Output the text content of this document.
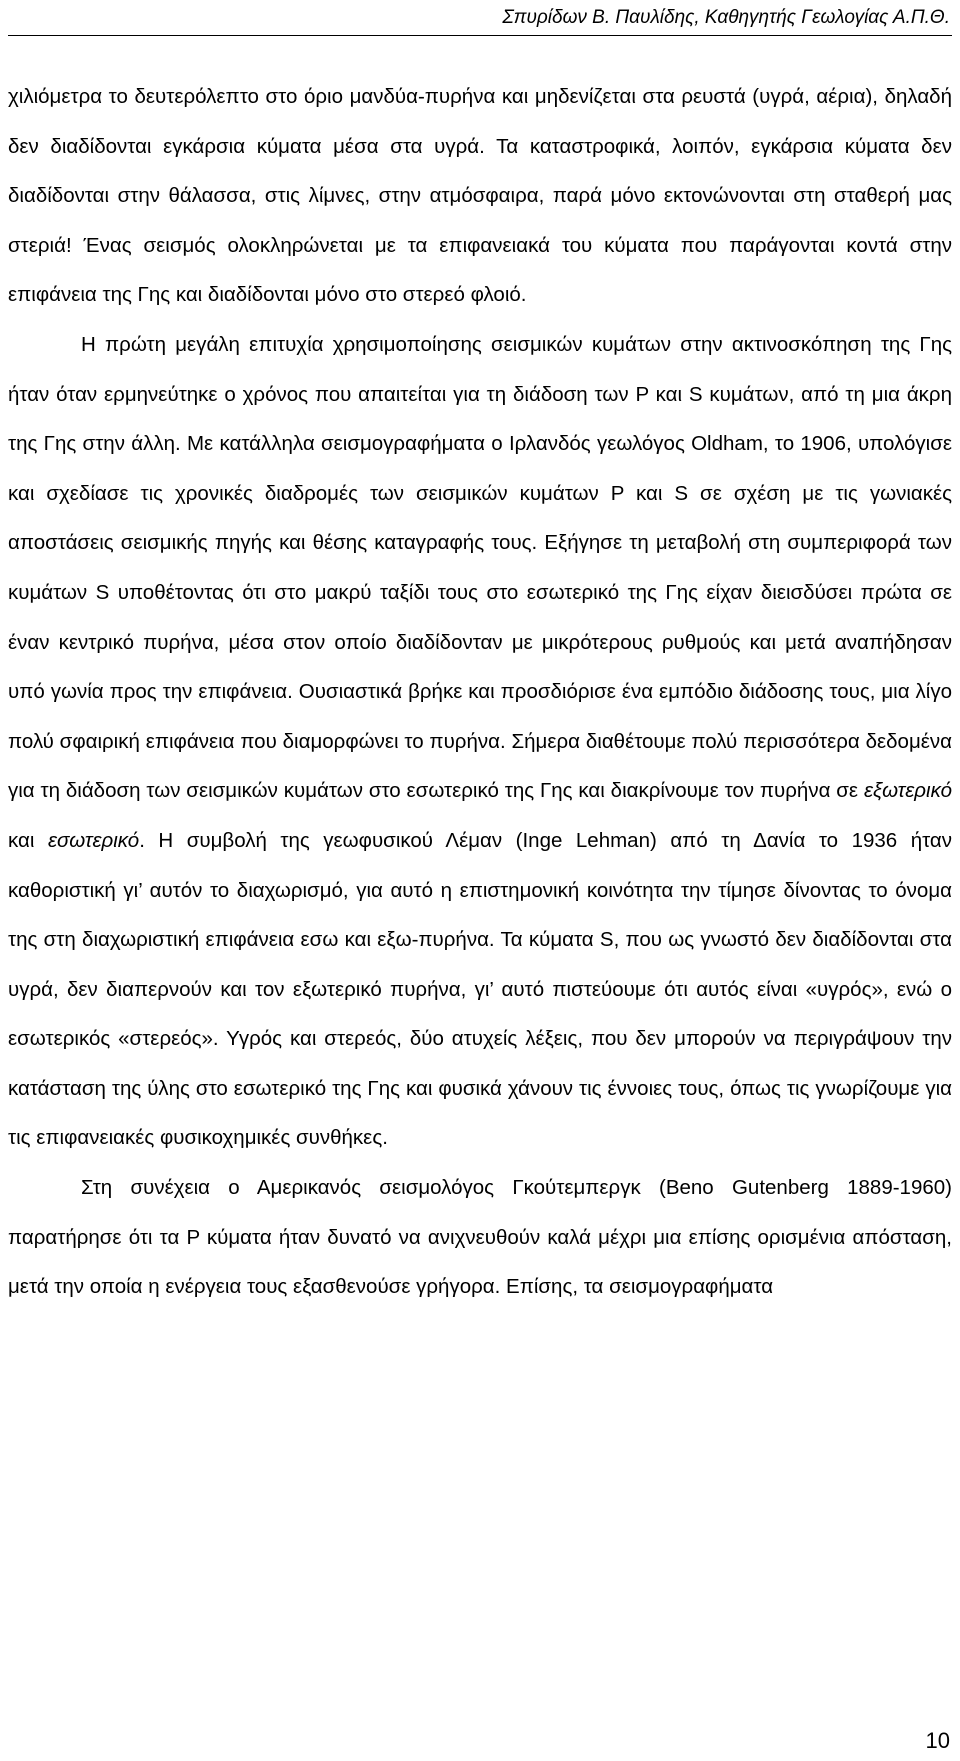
Σπυρίδων Β. Παυλίδης, Καθηγητής Γεωλογίας Α.Π.Θ.

χιλιόμετρα το δευτερόλεπτο στο όριο μανδύα-πυρήνα και μηδενίζεται στα ρευστά (υγρά, αέρια), δηλαδή δεν διαδίδονται εγκάρσια κύματα μέσα στα υγρά. Τα καταστροφικά, λοιπόν, εγκάρσια κύματα δεν διαδίδονται στην θάλασσα, στις λίμνες, στην ατμόσφαιρα, παρά μόνο εκτονώνονται στη σταθερή μας στεριά! Ένας σεισμός ολοκληρώνεται με τα επιφανειακά του κύματα που παράγονται κοντά στην επιφάνεια της Γης και διαδίδονται μόνο στο στερεό φλοιό.

Η πρώτη μεγάλη επιτυχία χρησιμοποίησης σεισμικών κυμάτων στην ακτινοσκόπηση της Γης ήταν όταν ερμηνεύτηκε ο χρόνος που απαιτείται για τη διάδοση των P και S κυμάτων, από τη μια άκρη της Γης στην άλλη. Με κατάλληλα σεισμογραφήματα ο Ιρλανδός γεωλόγος Oldham, το 1906, υπολόγισε και σχεδίασε τις χρονικές διαδρομές των σεισμικών κυμάτων P και S σε σχέση με τις γωνιακές αποστάσεις σεισμικής πηγής και θέσης καταγραφής τους. Εξήγησε τη μεταβολή στη συμπεριφορά των κυμάτων S υποθέτοντας ότι στο μακρύ ταξίδι τους στο εσωτερικό της Γης είχαν διεισδύσει πρώτα σε έναν κεντρικό πυρήνα, μέσα στον οποίο διαδίδονταν με μικρότερους ρυθμούς και μετά αναπήδησαν υπό γωνία προς την επιφάνεια. Ουσιαστικά βρήκε και προσδιόρισε ένα εμπόδιο διάδοσης τους, μια λίγο πολύ σφαιρική επιφάνεια που διαμορφώνει το πυρήνα. Σήμερα διαθέτουμε πολύ περισσότερα δεδομένα για τη διάδοση των σεισμικών κυμάτων στο εσωτερικό της Γης και διακρίνουμε τον πυρήνα σε εξωτερικό και εσωτερικό. Η συμβολή της γεωφυσικού Λέμαν (Inge Lehman) από τη Δανία το 1936 ήταν καθοριστική γι’ αυτόν το διαχωρισμό, για αυτό η επιστημονική κοινότητα την τίμησε δίνοντας το όνομα της στη διαχωριστική επιφάνεια εσω και εξω-πυρήνα. Τα κύματα S, που ως γνωστό δεν διαδίδονται στα υγρά, δεν διαπερνούν και τον εξωτερικό πυρήνα, γι’ αυτό πιστεύουμε ότι αυτός είναι «υγρός», ενώ ο εσωτερικός «στερεός». Υγρός και στερεός, δύο ατυχείς λέξεις, που δεν μπορούν να περιγράψουν την κατάσταση της ύλης στο εσωτερικό της Γης και φυσικά χάνουν τις έννοιες τους, όπως τις γνωρίζουμε για τις επιφανειακές φυσικοχημικές συνθήκες.

Στη συνέχεια ο Αμερικανός σεισμολόγος Γκούτεμπεργκ (Beno Gutenberg 1889-1960) παρατήρησε ότι τα P κύματα ήταν δυνατό να ανιχνευθούν καλά μέχρι μια επίσης ορισμένια απόσταση, μετά την οποία η ενέργεια τους εξασθενούσε γρήγορα. Επίσης, τα σεισμογραφήματα

10
